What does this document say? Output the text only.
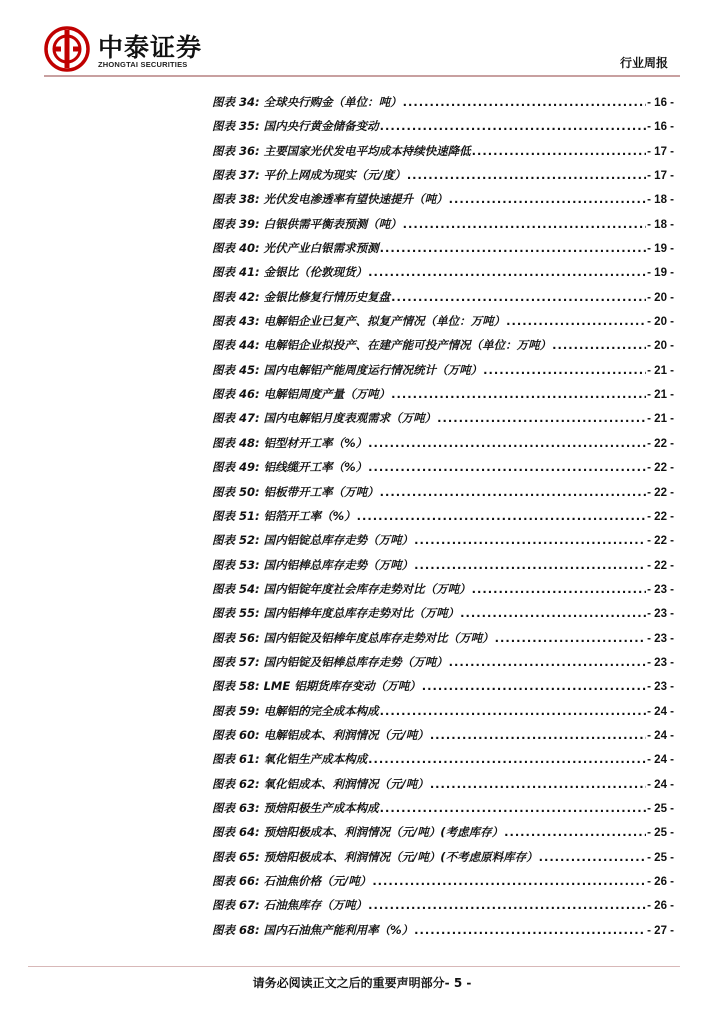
中泰证券
ZHONGTAI SECURITIES	行业周报
图表 34: 全球央行购金（单位：吨） .....	- 16 -
图表 35: 国内央行黄金储备变动 .....	- 16 -
图表 36: 主要国家光伏发电平均成本持续快速降低 .....	- 17 -
图表 37: 平价上网成为现实（元/度） .....	- 17 -
图表 38: 光伏发电渗透率有望快速提升（吨） .....	- 18 -
图表 39: 白银供需平衡表预测（吨） .....	- 18 -
图表 40: 光伏产业白银需求预测 .....	- 19 -
图表 41: 金银比（伦敦现货） .....	- 19 -
图表 42: 金银比修复行情历史复盘 .....	- 20 -
图表 43: 电解铝企业已复产、拟复产情况（单位：万吨） .....	- 20 -
图表 44: 电解铝企业拟投产、在建产能可投产情况（单位：万吨） .....	- 20 -
图表 45: 国内电解铝产能周度运行情况统计（万吨） .....	- 21 -
图表 46: 电解铝周度产量（万吨） .....	- 21 -
图表 47: 国内电解铝月度表观需求（万吨） .....	- 21 -
图表 48: 铝型材开工率（%） .....	- 22 -
图表 49: 铝线缆开工率（%） .....	- 22 -
图表 50: 铝板带开工率（万吨） .....	- 22 -
图表 51: 铝箔开工率（%） .....	- 22 -
图表 52: 国内铝锭总库存走势（万吨） .....	- 22 -
图表 53: 国内铝棒总库存走势（万吨） .....	- 22 -
图表 54: 国内铝锭年度社会库存走势对比（万吨） .....	- 23 -
图表 55: 国内铝棒年度总库存走势对比（万吨） .....	- 23 -
图表 56: 国内铝锭及铝棒年度总库存走势对比（万吨） .....	- 23 -
图表 57: 国内铝锭及铝棒总库存走势（万吨） .....	- 23 -
图表 58: LME 铝期货库存变动（万吨） .....	- 23 -
图表 59: 电解铝的完全成本构成 .....	- 24 -
图表 60: 电解铝成本、利润情况（元/吨） .....	- 24 -
图表 61: 氧化铝生产成本构成 .....	- 24 -
图表 62: 氧化铝成本、利润情况（元/吨） .....	- 24 -
图表 63: 预焙阳极生产成本构成 .....	- 25 -
图表 64: 预焙阳极成本、利润情况（元/吨）(考虑库存） .....	- 25 -
图表 65: 预焙阳极成本、利润情况（元/吨）(不考虑原料库存） .....	- 25 -
图表 66: 石油焦价格（元/吨） .....	- 26 -
图表 67: 石油焦库存（万吨） .....	- 26 -
图表 68: 国内石油焦产能利用率（%） .....	- 27 -
请务必阅读正文之后的重要声明部分- 5 -
